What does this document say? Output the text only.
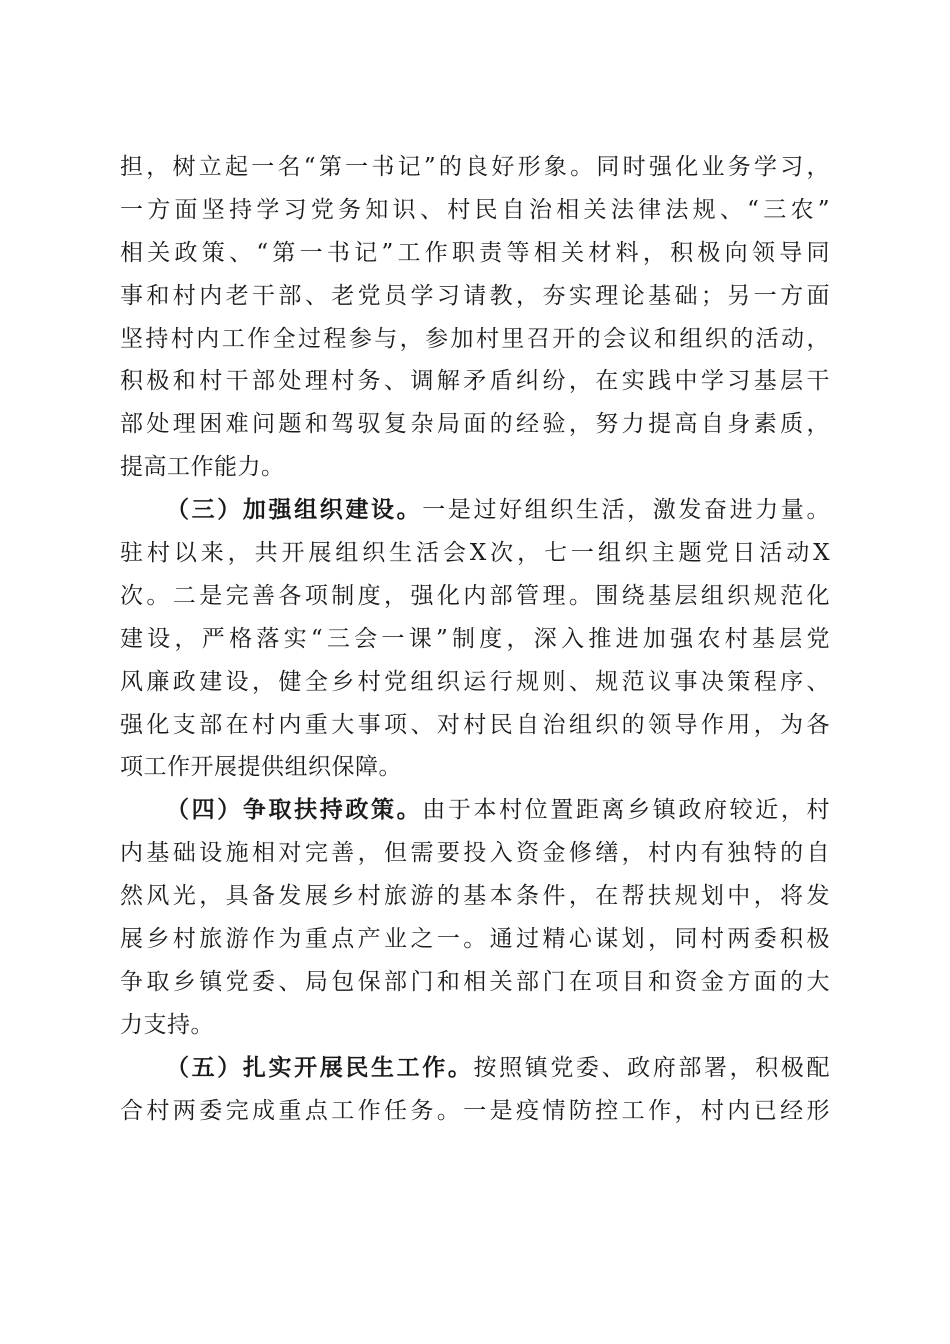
担，树立起一名“第一书记”的良好形象。同时强化业务学习，
一方面坚持学习党务知识、村民自治相关法律法规、“三农”
相关政策、“第一书记”工作职责等相关材料，积极向领导同
事和村内老干部、老党员学习请教，夯实理论基础；另一方面
坚持村内工作全过程参与，参加村里召开的会议和组织的活动，
积极和村干部处理村务、调解矛盾纠纷，在实践中学习基层干
部处理困难问题和驾驭复杂局面的经验，努力提高自身素质，
提高工作能力。
（三）加强组织建设。一是过好组织生活，激发奋进力量。
驻村以来，共开展组织生活会X次，七一组织主题党日活动X
次。二是完善各项制度，强化内部管理。围绕基层组织规范化
建设，严格落实“三会一课”制度，深入推进加强农村基层党
风廉政建设，健全乡村党组织运行规则、规范议事决策程序、
强化支部在村内重大事项、对村民自治组织的领导作用，为各
项工作开展提供组织保障。
（四）争取扶持政策。由于本村位置距离乡镇政府较近，村
内基础设施相对完善，但需要投入资金修缮，村内有独特的自
然风光，具备发展乡村旅游的基本条件，在帮扶规划中，将发
展乡村旅游作为重点产业之一。通过精心谋划，同村两委积极
争取乡镇党委、局包保部门和相关部门在项目和资金方面的大
力支持。
（五）扎实开展民生工作。按照镇党委、政府部署，积极配
合村两委完成重点工作任务。一是疫情防控工作，村内已经形
